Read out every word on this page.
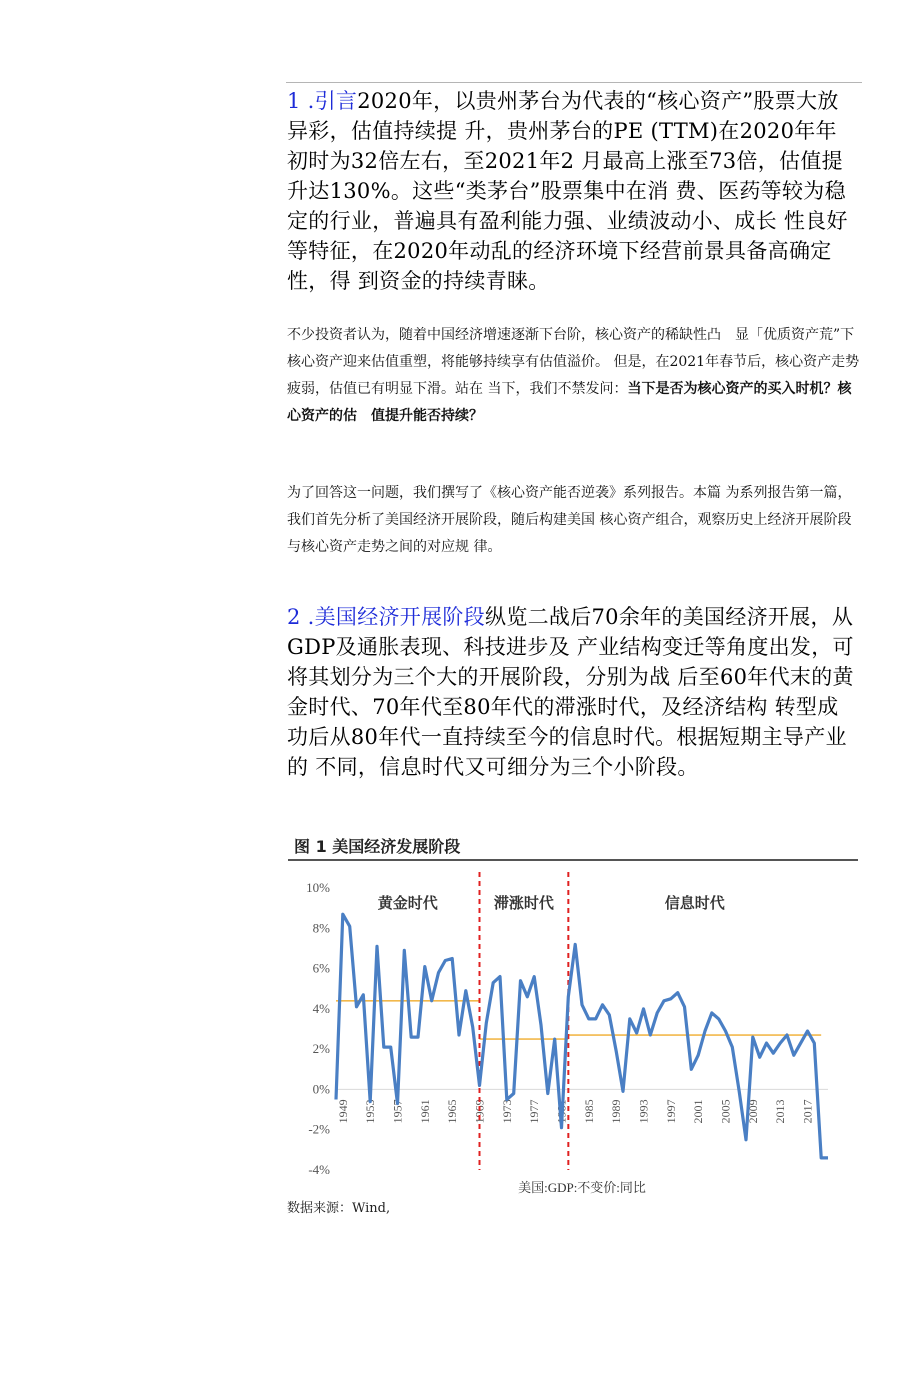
1 .引言2020年，以贵州茅台为代表的“核心资产”股票大放异彩，估值持续提 升，贵州茅台的PE (TTM)在2020年年初时为32倍左右，至2021年2 月最高上涨至73倍，估值提升达130%。这些“类茅台”股票集中在消 费、医药等较为稳定的行业，普遍具有盈利能力强、业绩波动小、成长 性良好等特征，在2020年动乱的经济环境下经营前景具备高确定性，得 到资金的持续青睐。

不少投资者认为，随着中国经济增速逐渐下台阶，核心资产的稀缺性凸　显「优质资产荒”下核心资产迎来估值重塑，将能够持续享有估值溢价。 但是，在2021年春节后，核心资产走势疲弱，估值已有明显下滑。站在 当下，我们不禁发问：当下是否为核心资产的买入时机？核心资产的估　值提升能否持续？

为了回答这一问题，我们撰写了《核心资产能否逆袭》系列报告。本篇 为系列报告第一篇，我们首先分析了美国经济开展阶段，随后构建美国 核心资产组合，观察历史上经济开展阶段与核心资产走势之间的对应规 律。

2 .美国经济开展阶段纵览二战后70余年的美国经济开展，从GDP及通胀表现、科技进步及 产业结构变迁等角度出发，可将其划分为三个大的开展阶段，分别为战 后至60年代末的黄金时代、70年代至80年代的滞涨时代，及经济结构 转型成功后从80年代一直持续至今的信息时代。根据短期主导产业的 不同，信息时代又可细分为三个小阶段。

图 1 美国经济发展阶段
10%
8%
6%
4%
2%
0%
-2%
-4%
1949 1953 1957 1961 1965 1969 1973 1977 1981 1985 1989 1993 1997 2001 2005 2009 2013 2017
黄金时代	滞涨时代	信息时代
美国:GDP:不变价:同比
数据来源：Wind,
